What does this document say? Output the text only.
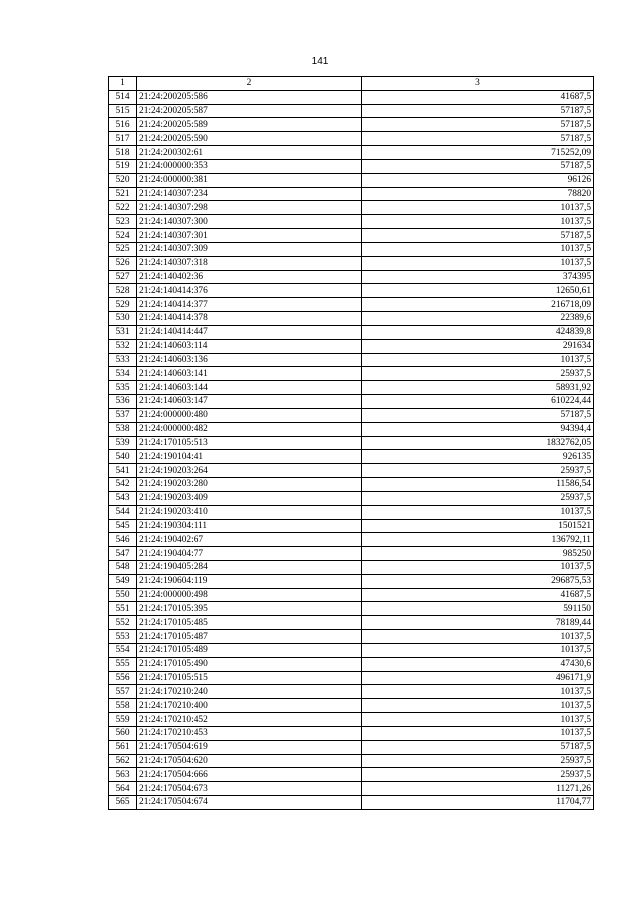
141
1	2	3
514	21:24:200205:586	41687,5
515	21:24:200205:587	57187,5
516	21:24:200205:589	57187,5
517	21:24:200205:590	57187,5
518	21:24:200302:61	715252,09
519	21:24:000000:353	57187,5
520	21:24:000000:381	96126
521	21:24:140307:234	78820
522	21:24:140307:298	10137,5
523	21:24:140307:300	10137,5
524	21:24:140307:301	57187,5
525	21:24:140307:309	10137,5
526	21:24:140307:318	10137,5
527	21:24:140402:36	374395
528	21:24:140414:376	12650,61
529	21:24:140414:377	216718,09
530	21:24:140414:378	22389,6
531	21:24:140414:447	424839,8
532	21:24:140603:114	291634
533	21:24:140603:136	10137,5
534	21:24:140603:141	25937,5
535	21:24:140603:144	58931,92
536	21:24:140603:147	610224,44
537	21:24:000000:480	57187,5
538	21:24:000000:482	94394,4
539	21:24:170105:513	1832762,05
540	21:24:190104:41	926135
541	21:24:190203:264	25937,5
542	21:24:190203:280	11586,54
543	21:24:190203:409	25937,5
544	21:24:190203:410	10137,5
545	21:24:190304:111	1501521
546	21:24:190402:67	136792,11
547	21:24:190404:77	985250
548	21:24:190405:284	10137,5
549	21:24:190604:119	296875,53
550	21:24:000000:498	41687,5
551	21:24:170105:395	591150
552	21:24:170105:485	78189,44
553	21:24:170105:487	10137,5
554	21:24:170105:489	10137,5
555	21:24:170105:490	47430,6
556	21:24:170105:515	496171,9
557	21:24:170210:240	10137,5
558	21:24:170210:400	10137,5
559	21:24:170210:452	10137,5
560	21:24:170210:453	10137,5
561	21:24:170504:619	57187,5
562	21:24:170504:620	25937,5
563	21:24:170504:666	25937,5
564	21:24:170504:673	11271,26
565	21:24:170504:674	11704,77
